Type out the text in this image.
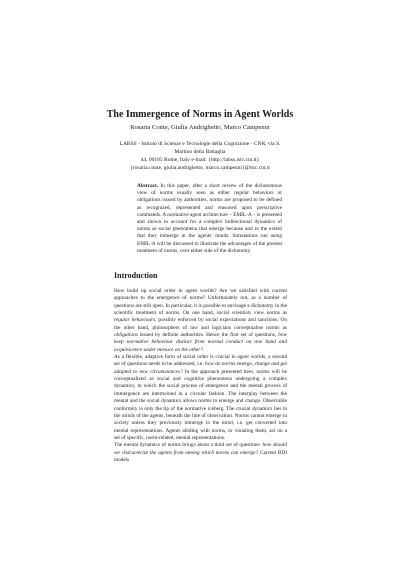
The Immergence of Norms in Agent Worlds
Rosaria Conte, Giulia Andrighetto, Marco Campenni
LABSS - Istituto di Scienze e Tecnologie della Cognizione - CNR, via S. Martino della Battaglia
44, 00185 Rome, Italy e-mail: {http://labss.istc.cnr.it}
{rosaria.conte, giulia.andrighetto, marco.campenni}@istc.cnr.it
Abstract. In this paper, after a short review of the dichotomous view of norms usually seen as either regular behaviors or obligations issued by authorities, norms are proposed to be defined as recognized, represented and reasoned upon prescriptive commands. A normative agent architecture – EMIL-A – is presented and shown to account for a complex bidirectional dynamics of norms as social phenomena that emerge because and to the extent that they immerge in the agents' minds. Simulations run using EMIL-A will be discussed to illustrate the advantages of the present treatment of norms, over either side of the dichotomy.
Introduction

How build up social order in agent worlds? Are we satisfied with current approaches to the emergence of norms? Unfortunately not, as a number of questions are still open. In particular, it is possible to envisage a dichotomy in the scientific treatment of norms. On one hand, social scientists view norms as regular behaviours, possibly enforced by social expectations and sanctions. On the other hand, philosophers of law and logicians conceptualise norms as obligations issued by definite authorities. Hence the first set of questions, how keep normative behaviour distinct from normal conduct on one hand and acquiescence under menace on the other?

As a flexible, adaptive form of social order is crucial in agent worlds, a second set of questions needs to be addressed, i.e. how do norms emerge, change and get adapted to new circumstances? In the approach presented here, norms will be conceptualized as social and cognitive phenomena undergoing a complex dynamics, in which the social process of emergence and the mental process of immergence are intertwined in a circular fashion. The interplay between the mental and the social dynamics allows norms to emerge and change. Observable conformity is only the tip of the normative iceberg. The crucial dynamics lies in the minds of the agents, beneath the line of observation. Norms cannot emerge in society unless they previously immerge in the mind, i.e. get converted into mental representations. Agents abiding with norms, or violating them, act on a set of specific, norm-related, mental representations.

The mental dynamics of norms brings about a third set of questions: how should we characterize the agents from among which norms can emerge? Current BDI models
